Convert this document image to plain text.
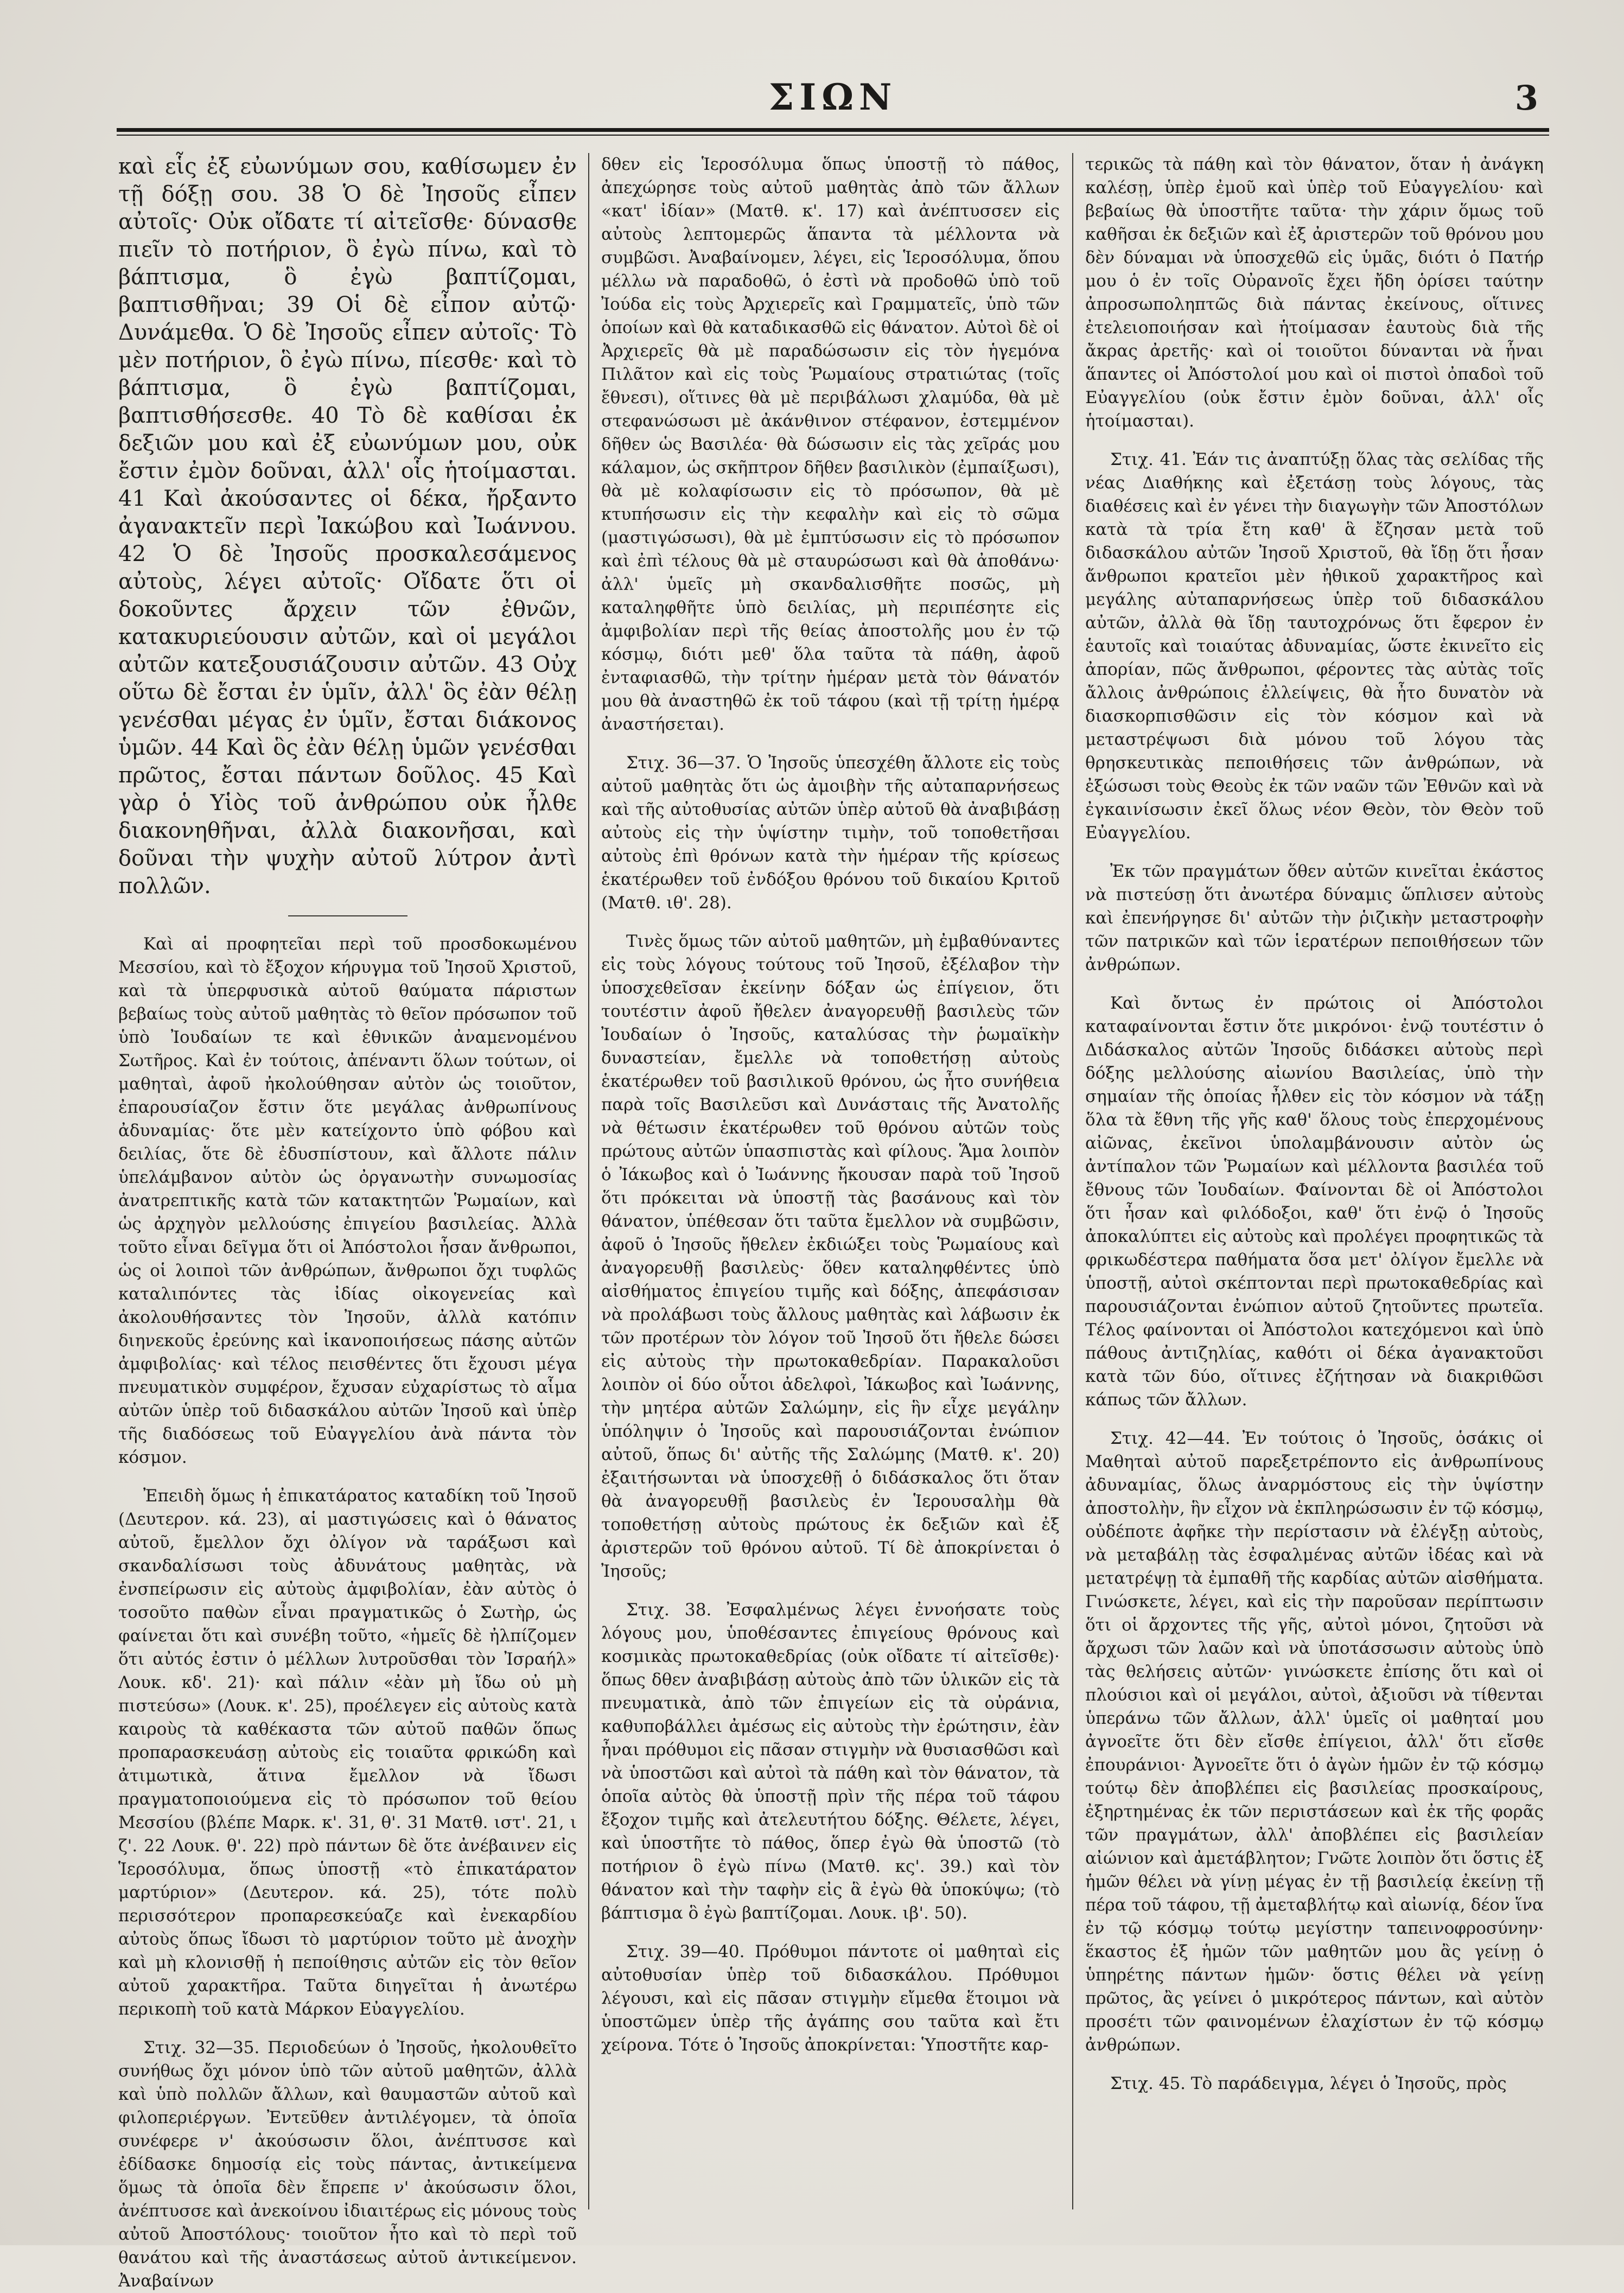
ΣΙΩΝ	3

καὶ εἷς ἐξ εὐωνύμων σου, καθίσωμεν ἐν τῇ δόξῃ σου. 38 Ὁ δὲ Ἰησοῦς εἶπεν αὐτοῖς· Οὐκ οἴδατε τί αἰτεῖσθε· δύνασθε πιεῖν τὸ ποτήριον, ὃ ἐγὼ πίνω, καὶ τὸ βάπτισμα, ὃ ἐγὼ βαπτίζομαι, βαπτισθῆναι; 39 Οἱ δὲ εἶπον αὐτῷ· Δυνάμεθα. Ὁ δὲ Ἰησοῦς εἶπεν αὐτοῖς· Τὸ μὲν ποτήριον, ὃ ἐγὼ πίνω, πίεσθε· καὶ τὸ βάπτισμα, ὃ ἐγὼ βαπτίζομαι, βαπτισθήσεσθε. 40 Τὸ δὲ καθίσαι ἐκ δεξιῶν μου καὶ ἐξ εὐωνύμων μου, οὐκ ἔστιν ἐμὸν δοῦναι, ἀλλ' οἷς ἡτοίμασται. 41 Καὶ ἀκούσαντες οἱ δέκα, ἤρξαντο ἀγανακτεῖν περὶ Ἰακώβου καὶ Ἰωάννου. 42 Ὁ δὲ Ἰησοῦς προσκαλεσάμενος αὐτοὺς, λέγει αὐτοῖς· Οἴδατε ὅτι οἱ δοκοῦντες ἄρχειν τῶν ἐθνῶν, κατακυριεύουσιν αὐτῶν, καὶ οἱ μεγάλοι αὐτῶν κατεξουσιάζουσιν αὐτῶν. 43 Οὐχ οὕτω δὲ ἔσται ἐν ὑμῖν, ἀλλ' ὃς ἐὰν θέλῃ γενέσθαι μέγας ἐν ὑμῖν, ἔσται διάκονος ὑμῶν. 44 Καὶ ὃς ἐὰν θέλῃ ὑμῶν γενέσθαι πρῶτος, ἔσται πάντων δοῦλος. 45 Καὶ γὰρ ὁ Υἱὸς τοῦ ἀνθρώπου οὐκ ἦλθε διακονηθῆναι, ἀλλὰ διακονῆσαι, καὶ δοῦναι τὴν ψυχὴν αὐτοῦ λύτρον ἀντὶ πολλῶν.

Καὶ αἱ προφητεῖαι περὶ τοῦ προσδοκωμένου Μεσσίου, καὶ τὸ ἔξοχον κήρυγμα τοῦ Ἰησοῦ Χριστοῦ, καὶ τὰ ὑπερφυσικὰ αὐτοῦ θαύματα πάριστων βεβαίως τοὺς αὐτοῦ μαθητὰς τὸ θεῖον πρόσωπον τοῦ ὑπὸ Ἰουδαίων τε καὶ ἐθνικῶν ἀναμενομένου Σωτῆρος. Καὶ ἐν τούτοις, ἀπέναντι ὅλων τούτων, οἱ μαθηταὶ, ἀφοῦ ἠκολούθησαν αὐτὸν ὡς τοιοῦτον, ἐπαρουσίαζον ἔστιν ὅτε μεγάλας ἀνθρωπίνους ἀδυναμίας· ὅτε μὲν κατείχοντο ὑπὸ φόβου καὶ δειλίας, ὅτε δὲ ἐδυσπίστουν, καὶ ἄλλοτε πάλιν ὑπελάμβανον αὐτὸν ὡς ὀργανωτὴν συνωμοσίας ἀνατρεπτικῆς κατὰ τῶν κατακτητῶν Ῥωμαίων, καὶ ὡς ἀρχηγὸν μελλούσης ἐπιγείου βασιλείας. Ἀλλὰ τοῦτο εἶναι δεῖγμα ὅτι οἱ Ἀπόστολοι ἦσαν ἄνθρωποι, ὡς οἱ λοιποὶ τῶν ἀνθρώπων, ἄνθρωποι ὄχι τυφλῶς καταλιπόντες τὰς ἰδίας οἰκογενείας καὶ ἀκολουθήσαντες τὸν Ἰησοῦν, ἀλλὰ κατόπιν διηνεκοῦς ἐρεύνης καὶ ἱκανοποιήσεως πάσης αὐτῶν ἀμφιβολίας· καὶ τέλος πεισθέντες ὅτι ἔχουσι μέγα πνευματικὸν συμφέρον, ἔχυσαν εὐχαρίστως τὸ αἷμα αὐτῶν ὑπὲρ τοῦ διδασκάλου αὐτῶν Ἰησοῦ καὶ ὑπὲρ τῆς διαδόσεως τοῦ Εὐαγγελίου ἀνὰ πάντα τὸν κόσμον.

Ἐπειδὴ ὅμως ἡ ἐπικατάρατος καταδίκη τοῦ Ἰησοῦ (Δευτερον. κά. 23), αἱ μαστιγώσεις καὶ ὁ θάνατος αὐτοῦ, ἔμελλον ὄχι ὀλίγον νὰ ταράξωσι καὶ σκανδαλίσωσι τοὺς ἀδυνάτους μαθητὰς, νὰ ἐνσπείρωσιν εἰς αὐτοὺς ἀμφιβολίαν, ἐὰν αὐτὸς ὁ τοσοῦτο παθὼν εἶναι πραγματικῶς ὁ Σωτὴρ, ὡς φαίνεται ὅτι καὶ συνέβη τοῦτο, «ἡμεῖς δὲ ἠλπίζομεν ὅτι αὐτός ἐστιν ὁ μέλλων λυτροῦσθαι τὸν Ἰσραήλ» Λουκ. κδ'. 21)· καὶ πάλιν «ἐὰν μὴ ἴδω οὐ μὴ πιστεύσω» (Λουκ. κ'. 25), προέλεγεν εἰς αὐτοὺς κατὰ καιροὺς τὰ καθέκαστα τῶν αὐτοῦ παθῶν ὅπως προπαρασκευάσῃ αὐτοὺς εἰς τοιαῦτα φρικώδη καὶ ἀτιμωτικὰ, ἅτινα ἔμελλον νὰ ἴδωσι πραγματοποιούμενα εἰς τὸ πρόσωπον τοῦ θείου Μεσσίου (βλέπε Μαρκ. κ'. 31, θ'. 31 Ματθ. ιστ'. 21, ι ζ'. 22 Λουκ. θ'. 22) πρὸ πάντων δὲ ὅτε ἀνέβαινεν εἰς Ἱεροσόλυμα, ὅπως ὑποστῇ «τὸ ἐπικατάρατον μαρτύριον» (Δευτερον. κά. 25), τότε πολὺ περισσότερον προπαρεσκεύαζε καὶ ἐνεκαρδίου αὐτοὺς ὅπως ἴδωσι τὸ μαρτύριον τοῦτο μὲ ἀνοχὴν καὶ μὴ κλονισθῇ ἡ πεποίθησις αὐτῶν εἰς τὸν θεῖον αὐτοῦ χαρακτῆρα. Ταῦτα διηγεῖται ἡ ἀνωτέρω περικοπὴ τοῦ κατὰ Μάρκον Εὐαγγελίου.

Στιχ. 32—35. Περιοδεύων ὁ Ἰησοῦς, ἠκολουθεῖτο συνήθως ὄχι μόνον ὑπὸ τῶν αὐτοῦ μαθητῶν, ἀλλὰ καὶ ὑπὸ πολλῶν ἄλλων, καὶ θαυμαστῶν αὐτοῦ καὶ φιλοπεριέργων. Ἐντεῦθεν ἀντιλέγομεν, τὰ ὁποῖα συνέφερε ν' ἀκούσωσιν ὅλοι, ἀνέπτυσσε καὶ ἐδίδασκε δημοσίᾳ εἰς τοὺς πάντας, ἀντικείμενα ὅμως τὰ ὁποῖα δὲν ἔπρεπε ν' ἀκούσωσιν ὅλοι, ἀνέπτυσσε καὶ ἀνεκοίνου ἰδιαιτέρως εἰς μόνους τοὺς αὐτοῦ Ἀποστόλους· τοιοῦτον ἦτο καὶ τὸ περὶ τοῦ θανάτου καὶ τῆς ἀναστάσεως αὐτοῦ ἀντικείμενον. Ἀναβαίνων

δθεν εἰς Ἱεροσόλυμα ὅπως ὑποστῇ τὸ πάθος, ἀπεχώρησε τοὺς αὐτοῦ μαθητὰς ἀπὸ τῶν ἄλλων «κατ' ἰδίαν» (Ματθ. κ'. 17) καὶ ἀνέπτυσσεν εἰς αὐτοὺς λεπτομερῶς ἅπαντα τὰ μέλλοντα νὰ συμβῶσι. Ἀναβαίνομεν, λέγει, εἰς Ἱεροσόλυμα, ὅπου μέλλω νὰ παραδοθῶ, ὁ ἐστὶ νὰ προδοθῶ ὑπὸ τοῦ Ἰούδα εἰς τοὺς Ἀρχιερεῖς καὶ Γραμματεῖς, ὑπὸ τῶν ὁποίων καὶ θὰ καταδικασθῶ εἰς θάνατον. Αὐτοὶ δὲ οἱ Ἀρχιερεῖς θὰ μὲ παραδώσωσιν εἰς τὸν ἡγεμόνα Πιλᾶτον καὶ εἰς τοὺς Ῥωμαίους στρατιώτας (τοῖς ἔθνεσι), οἵτινες θὰ μὲ περιβάλωσι χλαμύδα, θὰ μὲ στεφανώσωσι μὲ ἀκάνθινον στέφανον, ἐστεμμένον δῆθεν ὡς Βασιλέα· θὰ δώσωσιν εἰς τὰς χεῖράς μου κάλαμον, ὡς σκῆπτρον δῆθεν βασιλικὸν (ἐμπαίξωσι), θὰ μὲ κολαφίσωσιν εἰς τὸ πρόσωπον, θὰ μὲ κτυπήσωσιν εἰς τὴν κεφαλὴν καὶ εἰς τὸ σῶμα (μαστιγώσωσι), θὰ μὲ ἐμπτύσωσιν εἰς τὸ πρόσωπον καὶ ἐπὶ τέλους θὰ μὲ σταυρώσωσι καὶ θὰ ἀποθάνω· ἀλλ' ὑμεῖς μὴ σκανδαλισθῆτε ποσῶς, μὴ καταληφθῆτε ὑπὸ δειλίας, μὴ περιπέσητε εἰς ἀμφιβολίαν περὶ τῆς θείας ἀποστολῆς μου ἐν τῷ κόσμῳ, διότι μεθ' ὅλα ταῦτα τὰ πάθη, ἀφοῦ ἐνταφιασθῶ, τὴν τρίτην ἡμέραν μετὰ τὸν θάνατόν μου θὰ ἀναστηθῶ ἐκ τοῦ τάφου (καὶ τῇ τρίτῃ ἡμέρᾳ ἀναστήσεται).

Στιχ. 36—37. Ὁ Ἰησοῦς ὑπεσχέθη ἄλλοτε εἰς τοὺς αὐτοῦ μαθητὰς ὅτι ὡς ἀμοιβὴν τῆς αὐταπαρνήσεως καὶ τῆς αὐτοθυσίας αὐτῶν ὑπὲρ αὐτοῦ θὰ ἀναβιβάσῃ αὐτοὺς εἰς τὴν ὑψίστην τιμὴν, τοῦ τοποθετῆσαι αὐτοὺς ἐπὶ θρόνων κατὰ τὴν ἡμέραν τῆς κρίσεως ἑκατέρωθεν τοῦ ἐνδόξου θρόνου τοῦ δικαίου Κριτοῦ (Ματθ. ιθ'. 28).

Τινὲς ὅμως τῶν αὐτοῦ μαθητῶν, μὴ ἐμβαθύναντες εἰς τοὺς λόγους τούτους τοῦ Ἰησοῦ, ἐξέλαβον τὴν ὑποσχεθεῖσαν ἐκείνην δόξαν ὡς ἐπίγειον, ὅτι τουτέστιν ἀφοῦ ἤθελεν ἀναγορευθῇ βασιλεὺς τῶν Ἰουδαίων ὁ Ἰησοῦς, καταλύσας τὴν ῥωμαϊκὴν δυναστείαν, ἔμελλε νὰ τοποθετήσῃ αὐτοὺς ἑκατέρωθεν τοῦ βασιλικοῦ θρόνου, ὡς ἦτο συνήθεια παρὰ τοῖς Βασιλεῦσι καὶ Δυνάσταις τῆς Ἀνατολῆς νὰ θέτωσιν ἑκατέρωθεν τοῦ θρόνου αὐτῶν τοὺς πρώτους αὐτῶν ὑπασπιστὰς καὶ φίλους. Ἅμα λοιπὸν ὁ Ἰάκωβος καὶ ὁ Ἰωάννης ἤκουσαν παρὰ τοῦ Ἰησοῦ ὅτι πρόκειται νὰ ὑποστῇ τὰς βασάνους καὶ τὸν θάνατον, ὑπέθεσαν ὅτι ταῦτα ἔμελλον νὰ συμβῶσιν, ἀφοῦ ὁ Ἰησοῦς ἤθελεν ἐκδιώξει τοὺς Ῥωμαίους καὶ ἀναγορευθῇ βασιλεὺς· ὅθεν καταληφθέντες ὑπὸ αἰσθήματος ἐπιγείου τιμῆς καὶ δόξης, ἀπεφάσισαν νὰ προλάβωσι τοὺς ἄλλους μαθητὰς καὶ λάβωσιν ἐκ τῶν προτέρων τὸν λόγον τοῦ Ἰησοῦ ὅτι ἤθελε δώσει εἰς αὐτοὺς τὴν πρωτοκαθεδρίαν. Παρακαλοῦσι λοιπὸν οἱ δύο οὗτοι ἀδελφοὶ, Ἰάκωβος καὶ Ἰωάννης, τὴν μητέρα αὐτῶν Σαλώμην, εἰς ἣν εἶχε μεγάλην ὑπόληψιν ὁ Ἰησοῦς καὶ παρουσιάζονται ἐνώπιον αὐτοῦ, ὅπως δι' αὐτῆς τῆς Σαλώμης (Ματθ. κ'. 20) ἐξαιτήσωνται νὰ ὑποσχεθῇ ὁ διδάσκαλος ὅτι ὅταν θὰ ἀναγορευθῇ βασιλεὺς ἐν Ἱερουσαλὴμ θὰ τοποθετήσῃ αὐτοὺς πρώτους ἐκ δεξιῶν καὶ ἐξ ἀριστερῶν τοῦ θρόνου αὐτοῦ. Τί δὲ ἀποκρίνεται ὁ Ἰησοῦς;

Στιχ. 38. Ἐσφαλμένως λέγει ἐννοήσατε τοὺς λόγους μου, ὑποθέσαντες ἐπιγείους θρόνους καὶ κοσμικὰς πρωτοκαθεδρίας (οὐκ οἴδατε τί αἰτεῖσθε)· ὅπως δθεν ἀναβιβάσῃ αὐτοὺς ἀπὸ τῶν ὑλικῶν εἰς τὰ πνευματικὰ, ἀπὸ τῶν ἐπιγείων εἰς τὰ οὐράνια, καθυποβάλλει ἀμέσως εἰς αὐτοὺς τὴν ἐρώτησιν, ἐὰν ἦναι πρόθυμοι εἰς πᾶσαν στιγμὴν νὰ θυσιασθῶσι καὶ νὰ ὑποστῶσι καὶ αὐτοὶ τὰ πάθη καὶ τὸν θάνατον, τὰ ὁποῖα αὐτὸς θὰ ὑποστῇ πρὶν τῆς πέρα τοῦ τάφου ἔξοχον τιμῆς καὶ ἀτελευτήτου δόξης. Θέλετε, λέγει, καὶ ὑποστῆτε τὸ πάθος, ὅπερ ἐγὼ θὰ ὑποστῶ (τὸ ποτήριον ὃ ἐγὼ πίνω (Ματθ. κς'. 39.) καὶ τὸν θάνατον καὶ τὴν ταφὴν εἰς ἃ ἐγὼ θὰ ὑποκύψω; (τὸ βάπτισμα ὃ ἐγὼ βαπτίζομαι. Λουκ. ιβ'. 50).

Στιχ. 39—40. Πρόθυμοι πάντοτε οἱ μαθηταὶ εἰς αὐτοθυσίαν ὑπὲρ τοῦ διδασκάλου. Πρόθυμοι λέγουσι, καὶ εἰς πᾶσαν στιγμὴν εἴμεθα ἕτοιμοι νὰ ὑποστῶμεν ὑπὲρ τῆς ἀγάπης σου ταῦτα καὶ ἔτι χείρονα. Τότε ὁ Ἰησοῦς ἀποκρίνεται: Ὑποστῆτε καρ-

τερικῶς τὰ πάθη καὶ τὸν θάνατον, ὅταν ἡ ἀνάγκη καλέσῃ, ὑπὲρ ἐμοῦ καὶ ὑπὲρ τοῦ Εὐαγγελίου· καὶ βεβαίως θὰ ὑποστῆτε ταῦτα· τὴν χάριν ὅμως τοῦ καθῆσαι ἐκ δεξιῶν καὶ ἐξ ἀριστερῶν τοῦ θρόνου μου δὲν δύναμαι νὰ ὑποσχεθῶ εἰς ὑμᾶς, διότι ὁ Πατήρ μου ὁ ἐν τοῖς Οὐρανοῖς ἔχει ἤδη ὁρίσει ταύτην ἀπροσωποληπτῶς διὰ πάντας ἐκείνους, οἵτινες ἐτελειοποιήσαν καὶ ἡτοίμασαν ἑαυτοὺς διὰ τῆς ἄκρας ἀρετῆς· καὶ οἱ τοιοῦτοι δύνανται νὰ ἦναι ἅπαντες οἱ Ἀπόστολοί μου καὶ οἱ πιστοὶ ὀπαδοὶ τοῦ Εὐαγγελίου (οὐκ ἔστιν ἐμὸν δοῦναι, ἀλλ' οἷς ἡτοίμασται).

Στιχ. 41. Ἐάν τις ἀναπτύξῃ ὅλας τὰς σελίδας τῆς νέας Διαθήκης καὶ ἐξετάσῃ τοὺς λόγους, τὰς διαθέσεις καὶ ἐν γένει τὴν διαγωγὴν τῶν Ἀποστόλων κατὰ τὰ τρία ἔτη καθ' ἃ ἔζησαν μετὰ τοῦ διδασκάλου αὐτῶν Ἰησοῦ Χριστοῦ, θὰ ἴδῃ ὅτι ἦσαν ἄνθρωποι κρατεῖοι μὲν ἠθικοῦ χαρακτῆρος καὶ μεγάλης αὐταπαρνήσεως ὑπὲρ τοῦ διδασκάλου αὐτῶν, ἀλλὰ θὰ ἴδῃ ταυτοχρόνως ὅτι ἔφερον ἐν ἑαυτοῖς καὶ τοιαύτας ἀδυναμίας, ὥστε ἐκινεῖτο εἰς ἀπορίαν, πῶς ἄνθρωποι, φέροντες τὰς αὐτὰς τοῖς ἄλλοις ἀνθρώποις ἐλλείψεις, θὰ ἦτο δυνατὸν νὰ διασκορπισθῶσιν εἰς τὸν κόσμον καὶ νὰ μεταστρέψωσι διὰ μόνου τοῦ λόγου τὰς θρησκευτικὰς πεποιθήσεις τῶν ἀνθρώπων, νὰ ἐξώσωσι τοὺς Θεοὺς ἐκ τῶν ναῶν τῶν Ἐθνῶν καὶ νὰ ἐγκαινίσωσιν ἐκεῖ ὅλως νέον Θεὸν, τὸν Θεὸν τοῦ Εὐαγγελίου.

Ἐκ τῶν πραγμάτων ὅθεν αὐτῶν κινεῖται ἐκάστος νὰ πιστεύσῃ ὅτι ἀνωτέρα δύναμις ὥπλισεν αὐτοὺς καὶ ἐπενήργησε δι' αὐτῶν τὴν ῥιζικὴν μεταστροφὴν τῶν πατρικῶν καὶ τῶν ἱερατέρων πεποιθήσεων τῶν ἀνθρώπων.

Καὶ ὄντως ἐν πρώτοις οἱ Ἀπόστολοι καταφαίνονται ἔστιν ὅτε μικρόνοι· ἐνῷ τουτέστιν ὁ Διδάσκαλος αὐτῶν Ἰησοῦς διδάσκει αὐτοὺς περὶ δόξης μελλούσης αἰωνίου Βασιλείας, ὑπὸ τὴν σημαίαν τῆς ὁποίας ἦλθεν εἰς τὸν κόσμον νὰ τάξῃ ὅλα τὰ ἔθνη τῆς γῆς καθ' ὅλους τοὺς ἐπερχομένους αἰῶνας, ἐκεῖνοι ὑπολαμβάνουσιν αὐτὸν ὡς ἀντίπαλον τῶν Ῥωμαίων καὶ μέλλοντα βασιλέα τοῦ ἔθνους τῶν Ἰουδαίων. Φαίνονται δὲ οἱ Ἀπόστολοι ὅτι ἦσαν καὶ φιλόδοξοι, καθ' ὅτι ἐνῷ ὁ Ἰησοῦς ἀποκαλύπτει εἰς αὐτοὺς καὶ προλέγει προφητικῶς τὰ φρικωδέστερα παθήματα ὅσα μετ' ὀλίγον ἔμελλε νὰ ὑποστῇ, αὐτοὶ σκέπτονται περὶ πρωτοκαθεδρίας καὶ παρουσιάζονται ἐνώπιον αὐτοῦ ζητοῦντες πρωτεῖα. Τέλος φαίνονται οἱ Ἀπόστολοι κατεχόμενοι καὶ ὑπὸ πάθους ἀντιζηλίας, καθότι οἱ δέκα ἀγανακτοῦσι κατὰ τῶν δύο, οἵτινες ἐζήτησαν νὰ διακριθῶσι κάπως τῶν ἄλλων.

Στιχ. 42—44. Ἐν τούτοις ὁ Ἰησοῦς, ὁσάκις οἱ Μαθηταὶ αὐτοῦ παρεξετρέποντο εἰς ἀνθρωπίνους ἀδυναμίας, ὅλως ἀναρμόστους εἰς τὴν ὑψίστην ἀποστολὴν, ἣν εἶχον νὰ ἐκπληρώσωσιν ἐν τῷ κόσμῳ, οὐδέποτε ἀφῆκε τὴν περίστασιν νὰ ἐλέγξῃ αὐτοὺς, νὰ μεταβάλῃ τὰς ἐσφαλμένας αὐτῶν ἰδέας καὶ νὰ μετατρέψῃ τὰ ἐμπαθῆ τῆς καρδίας αὐτῶν αἰσθήματα. Γινώσκετε, λέγει, καὶ εἰς τὴν παροῦσαν περίπτωσιν ὅτι οἱ ἄρχοντες τῆς γῆς, αὐτοὶ μόνοι, ζητοῦσι νὰ ἄρχωσι τῶν λαῶν καὶ νὰ ὑποτάσσωσιν αὐτοὺς ὑπὸ τὰς θελήσεις αὐτῶν· γινώσκετε ἐπίσης ὅτι καὶ οἱ πλούσιοι καὶ οἱ μεγάλοι, αὐτοὶ, ἀξιοῦσι νὰ τίθενται ὑπεράνω τῶν ἄλλων, ἀλλ' ὑμεῖς οἱ μαθηταί μου ἀγνοεῖτε ὅτι δὲν εἴσθε ἐπίγειοι, ἀλλ' ὅτι εἴσθε ἐπουράνιοι· Ἀγνοεῖτε ὅτι ὁ ἀγὼν ἡμῶν ἐν τῷ κόσμῳ τούτῳ δὲν ἀποβλέπει εἰς βασιλείας προσκαίρους, ἐξηρτημένας ἐκ τῶν περιστάσεων καὶ ἐκ τῆς φορᾶς τῶν πραγμάτων, ἀλλ' ἀποβλέπει εἰς βασιλείαν αἰώνιον καὶ ἀμετάβλητον; Γνῶτε λοιπὸν ὅτι ὅστις ἐξ ἡμῶν θέλει νὰ γίνῃ μέγας ἐν τῇ βασιλείᾳ ἐκείνῃ τῇ πέρα τοῦ τάφου, τῇ ἀμεταβλήτῳ καὶ αἰωνίᾳ, δέον ἵνα ἐν τῷ κόσμῳ τούτῳ μεγίστην ταπεινοφροσύνην· ἕκαστος ἐξ ἡμῶν τῶν μαθητῶν μου ἂς γείνῃ ὁ ὑπηρέτης πάντων ἡμῶν· ὅστις θέλει νὰ γείνῃ πρῶτος, ἂς γείνει ὁ μικρότερος πάντων, καὶ αὐτὸν προσέτι τῶν φαινομένων ἐλαχίστων ἐν τῷ κόσμῳ ἀνθρώπων.

Στιχ. 45. Τὸ παράδειγμα, λέγει ὁ Ἰησοῦς, πρὸς
